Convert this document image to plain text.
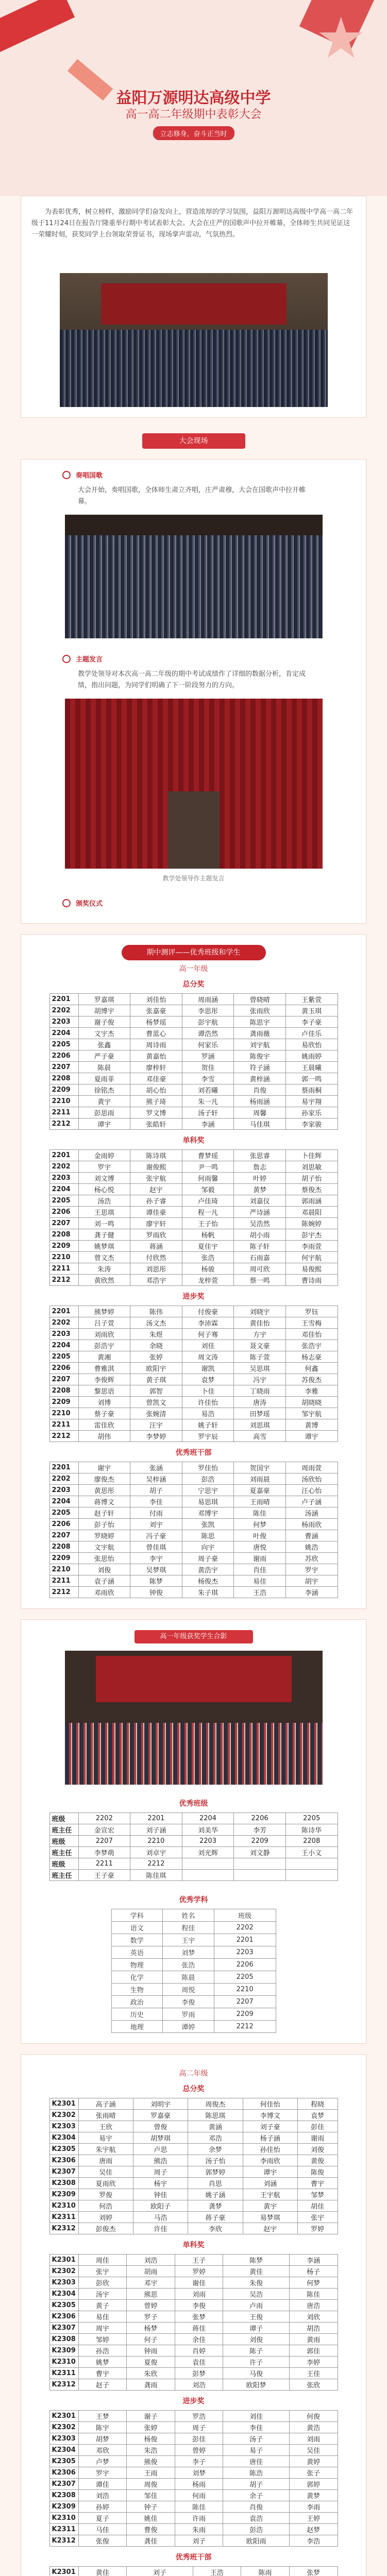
★
益阳万源明达高级中学
高一高二年级期中表彰大会
立志修身，奋斗正当时
为表彰优秀，树立榜样，激励同学们奋发向上，营造浓厚的学习氛围，益阳万源明达高级中学高一高二年级于11月24日在报告厅隆重举行期中考试表彰大会。大会在庄严的国歌声中拉开帷幕，全体师生共同见证这一荣耀时刻，获奖同学上台领取荣誉证书，现场掌声雷动，气氛热烈。
大会现场
奏唱国歌
大会开始，奏唱国歌，全体师生肃立齐唱，庄严肃穆，大会在国歌声中拉开帷幕。
主题发言
教学处领导对本次高一高二年级的期中考试成绩作了详细的数据分析，肯定成绩，指出问题，为同学们明确了下一阶段努力的方向。
教学处领导作主题发言
颁奖仪式
期中测评——优秀班级和学生
高一年级
总分奖
2201	罗嘉琪	刘佳怡	周雨涵	曾晓晴	王紫萱
2202	胡博宇	张嘉豪	李思彤	张雨欣	黄玉琪
2203	谢子俊	杨梦瑶	彭宇航	陈思宇	李子豪
2204	文宇杰	曹蓝心	谭浩然	龚雨薇	卢佳乐
2205	张鑫	周诗雨	何家乐	刘宇航	易欣怡
2206	严子豪	黄嘉怡	罗涵	陈俊宇	姚雨婷
2207	陈晨	廖梓轩	贺佳	符子涵	王晨曦
2208	夏雨菲	邓佳豪	李雪	黄梓涵	郭一鸣
2209	徐铭杰	胡心怡	刘若曦	肖俊	蔡雨桐
2210	黄宇	熊子琦	朱一凡	杨雨涵	易宇翔
2211	彭思雨	罗文博	汤子轩	周馨	孙家乐
2212	谭宇	张皓轩	李涵	马佳琪	李家骏
单科奖
2201	金雨婷	陈诗琪	曹梦瑶	张思睿	卜佳辉
2202	罗宇	谢俊熙	尹一鸣	詹志	刘思敏
2203	刘文博	张宇航	何雨馨	叶婷	胡子怡
2204	杨心悦	赵宇	邹毅	黄梦	蔡俊杰
2205	汤浩	孙子睿	卢佳琦	刘嘉仪	郭雨涵
2206	王思琪	谭佳豪	程一凡	严诗涵	邓晨阳
2207	刘一鸣	廖宇轩	王子怡	吴浩然	陈婉婷
2208	龚子健	罗雨欣	杨帆	胡小雨	彭宇杰
2209	姚梦琪	蒋涵	夏佳宇	陈子轩	李雨萱
2210	曾文杰	付欣然	张浩	石雨嘉	何宇航
2211	朱涛	刘思彤	杨骏	周可欣	易俊熙
2212	黄欣然	邓浩宇	龙梓萱	蔡一鸣	曹诗雨
进步奖
2201	熊梦婷	陈伟	付俊豪	刘晓宇	罗钰
2202	吕子萱	汤文杰	李沛霖	黄佳怡	王雪梅
2203	刘雨欣	朱煜	何子骞	方宇	邓佳怡
2204	彭浩宇	余晓	刘佳	聂文豪	张浩宇
2205	黄湘	张婷	周文涛	陈子萱	杨志豪
2206	曹雅淇	欧阳宇	谢凯	吴思琪	何鑫
2207	李俊辉	黄子琪	袁梦	冯宇	苏俊杰
2208	黎思语	郭智	卜佳	丁晓雨	李雅
2209	刘博	曾凯文	许佳怡	唐涛	胡晓晓
2210	蔡子豪	张婉清	易浩	田梦瑶	邹宇航
2211	雷佳欣	汪宇	姚子轩	刘思琪	黄博
2212	胡伟	李梦婷	罗宇辰	高雪	谭宇
优秀班干部
2201	谢宇	张涵	罗佳怡	贺国宇	周雨萱
2202	廖俊杰	吴梓涵	彭浩	刘雨晨	汤欣怡
2203	黄思彤	胡子	宁思宇	夏嘉豪	汪心怡
2204	蒋博文	李佳	易思琪	王雨晴	卢子涵
2205	赵子轩	付雨	邓博宇	陈佳	汤涵
2206	彭子怡	刘宇	张凯	何梦	杨雨欣
2207	罗晓婷	冯子豪	陈思	叶俊	曹涵
2208	文宇航	曾佳琪	向宇	唐悦	姚浩
2209	张思怡	李宇	周子豪	谢雨	苏欣
2210	刘俊	吴梦琪	黄浩宇	肖佳	罗宇
2211	袁子涵	陈梦	杨俊杰	易佳	胡宇
2212	邓雨欣	钟俊	朱子琪	王浩	李涵
高一年级获奖学生合影
优秀班级
班级	2202	2201	2204	2206	2205
班主任	金宣宏	刘子涵	刘美华	李芳	陈诗华
班级	2207	2210	2203	2209	2208
班主任	李梦萌	刘卓宇	刘光辉	刘文静	王小文
班级	2211	2212			
班主任	王子豪	陈佳琪			
优秀学科
学科	姓名	班级
语文	程佳	2202
数学	王宇	2201
英语	刘梦	2203
物理	张浩	2206
化学	陈晨	2205
生物	周悦	2210
政治	李俊	2207
历史	罗雨	2209
地理	谭婷	2212
高二年级
总分奖
K2301	高子涵	刘明宇	周俊杰	何佳怡	程晓
K2302	张雨晴	罗嘉豪	陈思琪	李博文	袁梦
K2303	王欣	曾俊	黄涵	刘子豪	彭佳
K2304	易宇	胡梦琪	邓浩	杨子涵	谢雨
K2305	朱宇航	卢思	余梦	孙佳怡	刘俊
K2306	唐雨	熊浩	汤子怡	李雨欣	黄俊
K2307	吴佳	周子	郭梦婷	谭宇	陈俊
K2308	夏雨欣	杨宇	肖思	刘涵	曹宇
K2309	罗俊	钟佳	姚子涵	王宇航	邹梦
K2310	何浩	欧阳子	龚梦	黄宇	胡佳
K2311	刘婷	马浩	蒋子豪	易梦琪	张宇
K2312	彭俊杰	许佳	李欣	赵宇	罗婷
单科奖
K2301	周佳	刘浩	王子	陈梦	李涵
K2302	张宇	胡雨	罗婷	黄佳	杨子
K2303	彭欣	邓宇	谢佳	朱俊	何梦
K2304	汤宇	熊思	刘雨	吴浩	陈佳
K2305	黄子	曾婷	李俊	卢雨	唐浩
K2306	易佳	罗子	张梦	王俊	刘欣
K2307	周宇	杨梦	蒋佳	谭子	胡浩
K2308	邹婷	何子	余佳	刘俊	黄雨
K2309	孙浩	钟雨	肖婷	陈子	郭佳
K2310	姚梦	夏俊	袁佳	许子	李婷
K2311	曹宇	朱欣	彭梦	马俊	王佳
K2312	赵子	龚雨	刘浩	欧阳梦	张欣
进步奖
K2301	王梦	谢子	罗浩	刘佳	何俊
K2302	陈宇	张婷	周子	李佳	黄浩
K2303	胡梦	杨俊	彭佳	汤子	刘雨
K2304	邓欣	朱浩	曾婷	易子	吴佳
K2305	卢梦	熊俊	李子	唐佳	黄婷
K2306	罗宇	王雨	刘梦	陈浩	张子
K2307	谭佳	周俊	杨雨	胡子	郭婷
K2308	刘浩	邹佳	何雨	余子	黄梦
K2309	孙婷	钟子	陈佳	肖俊	李雨
K2310	夏子	姚佳	许雨	袁浩	王婷
K2311	马佳	曹俊	朱雨	彭浩	赵梦
K2312	张俊	龚佳	刘子	欧阳雨	李浩
优秀班干部
K2301	黄佳	刘子	王浩	陈雨	张梦
